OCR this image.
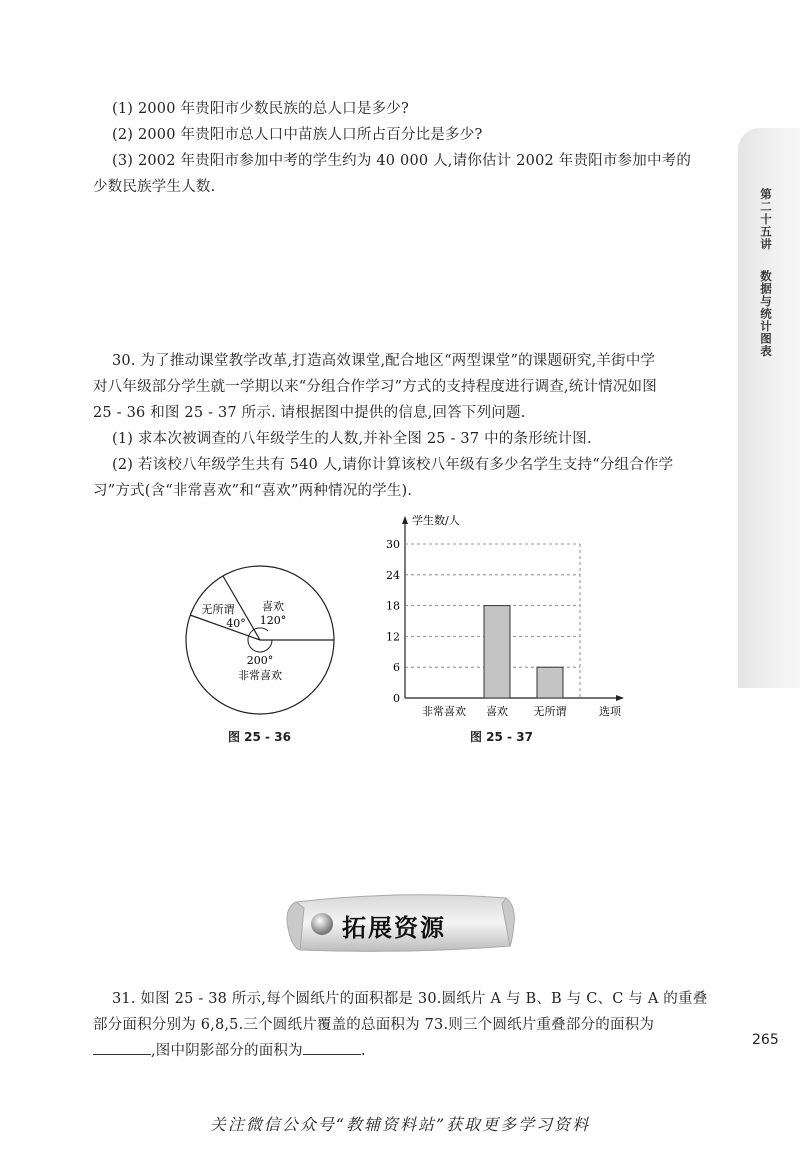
(1) 2000 年贵阳市少数民族的总人口是多少?
(2) 2000 年贵阳市总人口中苗族人口所占百分比是多少?
(3) 2002 年贵阳市参加中考的学生约为 40 000 人,请你估计 2002 年贵阳市参加中考的
少数民族学生人数.
第二十五讲
数据与统计图表
30. 为了推动课堂教学改革,打造高效课堂,配合地区“两型课堂”的课题研究,羊街中学
对八年级部分学生就一学期以来“分组合作学习”方式的支持程度进行调查,统计情况如图
25 - 36 和图 25 - 37 所示. 请根据图中提供的信息,回答下列问题.
(1) 求本次被调查的八年级学生的人数,并补全图 25 - 37 中的条形统计图.
(2) 若该校八年级学生共有 540 人,请你计算该校八年级有多少名学生支持“分组合作学
习”方式(含“非常喜欢”和“喜欢”两种情况的学生).
喜欢
120°
无所谓
40°
200°
非常喜欢
图 25 - 36
学生数/人
选项
0
6
12
18
24
30
非常喜欢 喜欢 无所谓
图 25 - 37
拓展资源
31. 如图 25 - 38 所示,每个圆纸片的面积都是 30.圆纸片 A 与 B、B 与 C、C 与 A 的重叠
部分面积分别为 6,8,5.三个圆纸片覆盖的总面积为 73.则三个圆纸片重叠部分的面积为
,图中阴影部分的面积为	.
265
关注微信公众号“教辅资料站”获取更多学习资料
